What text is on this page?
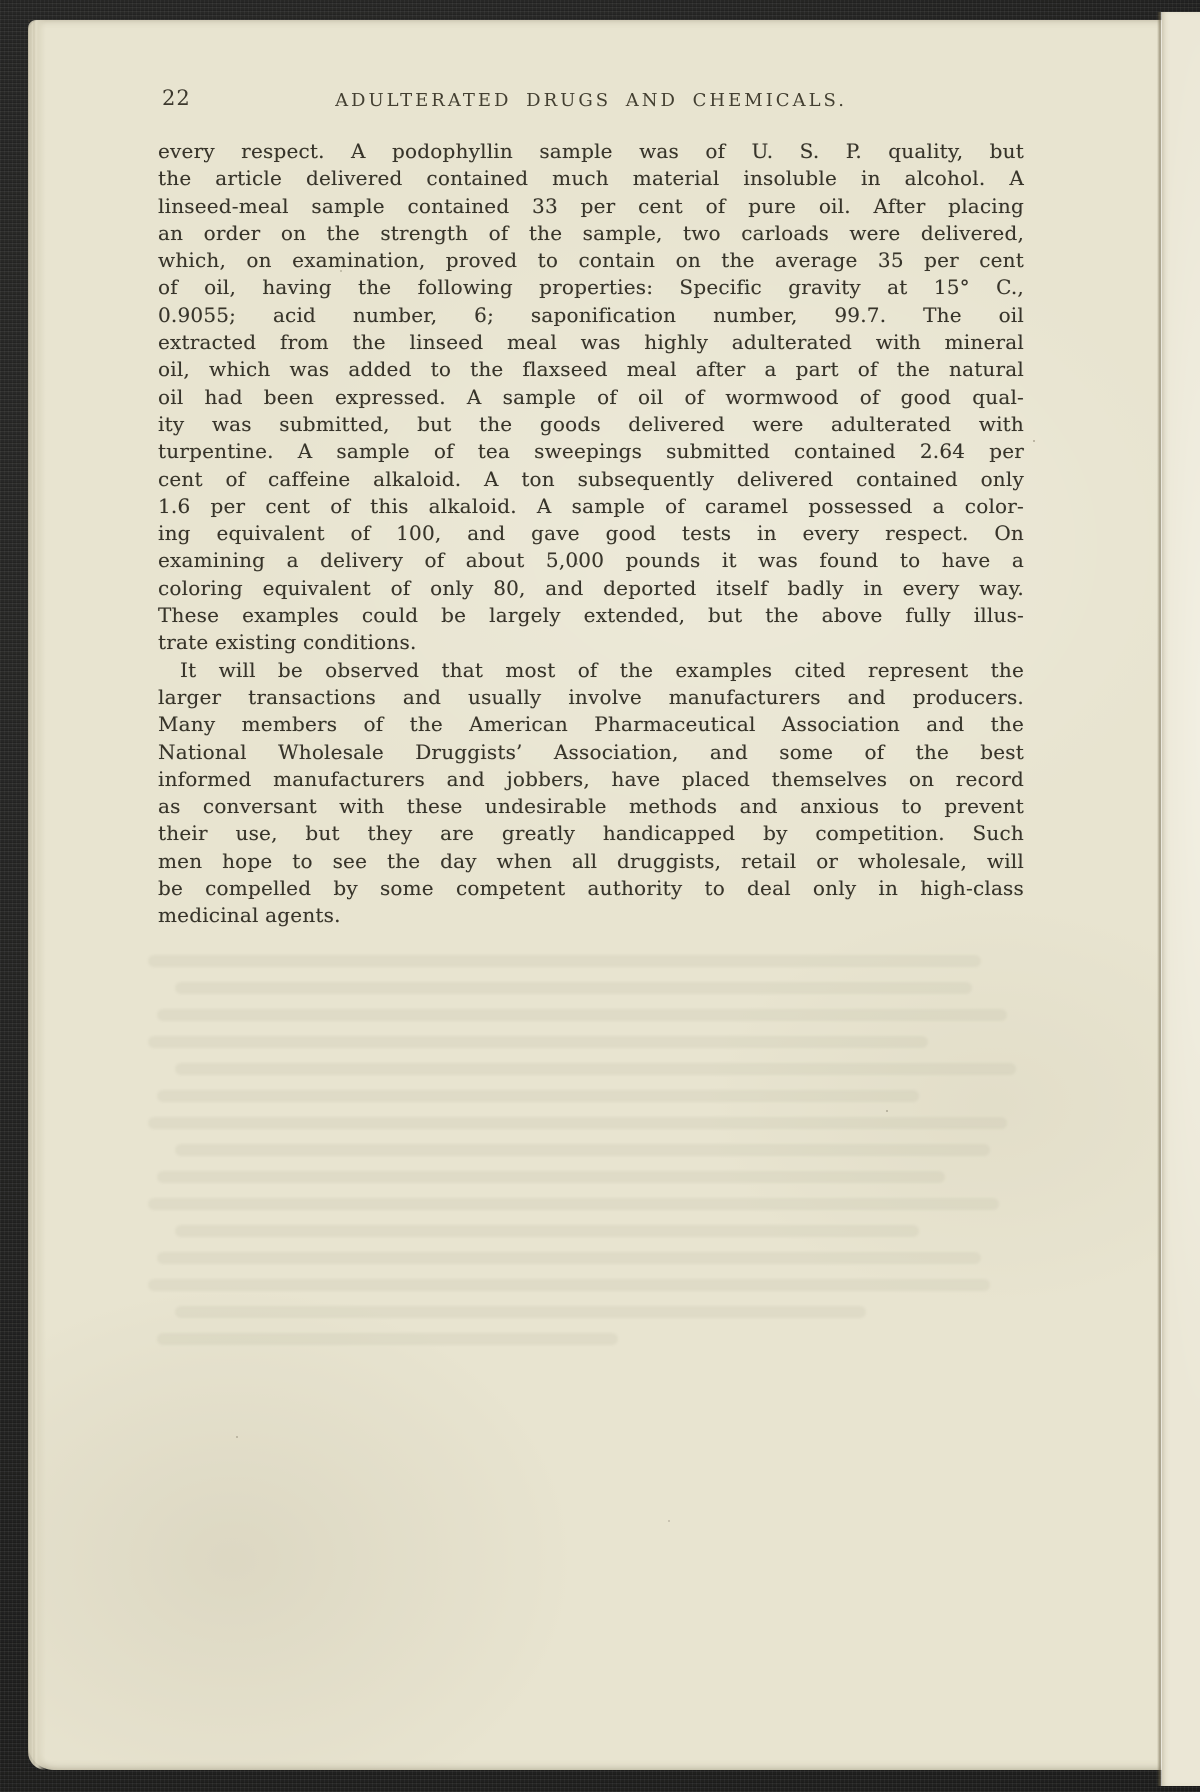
22	ADULTERATED DRUGS AND CHEMICALS.
every respect. A podophyllin sample was of U. S. P. quality, but
the article delivered contained much material insoluble in alcohol. A
linseed-meal sample contained 33 per cent of pure oil. After placing
an order on the strength of the sample, two carloads were delivered,
which, on examination, proved to contain on the average 35 per cent
of oil, having the following properties: Specific gravity at 15° C.,
0.9055; acid number, 6; saponification number, 99.7. The oil
extracted from the linseed meal was highly adulterated with mineral
oil, which was added to the flaxseed meal after a part of the natural
oil had been expressed. A sample of oil of wormwood of good qual-
ity was submitted, but the goods delivered were adulterated with
turpentine. A sample of tea sweepings submitted contained 2.64 per
cent of caffeine alkaloid. A ton subsequently delivered contained only
1.6 per cent of this alkaloid. A sample of caramel possessed a color-
ing equivalent of 100, and gave good tests in every respect. On
examining a delivery of about 5,000 pounds it was found to have a
coloring equivalent of only 80, and deported itself badly in every way.
These examples could be largely extended, but the above fully illus-
trate existing conditions.
It will be observed that most of the examples cited represent the
larger transactions and usually involve manufacturers and producers.
Many members of the American Pharmaceutical Association and the
National Wholesale Druggists’ Association, and some of the best
informed manufacturers and jobbers, have placed themselves on record
as conversant with these undesirable methods and anxious to prevent
their use, but they are greatly handicapped by competition. Such
men hope to see the day when all druggists, retail or wholesale, will
be compelled by some competent authority to deal only in high-class
medicinal agents.
